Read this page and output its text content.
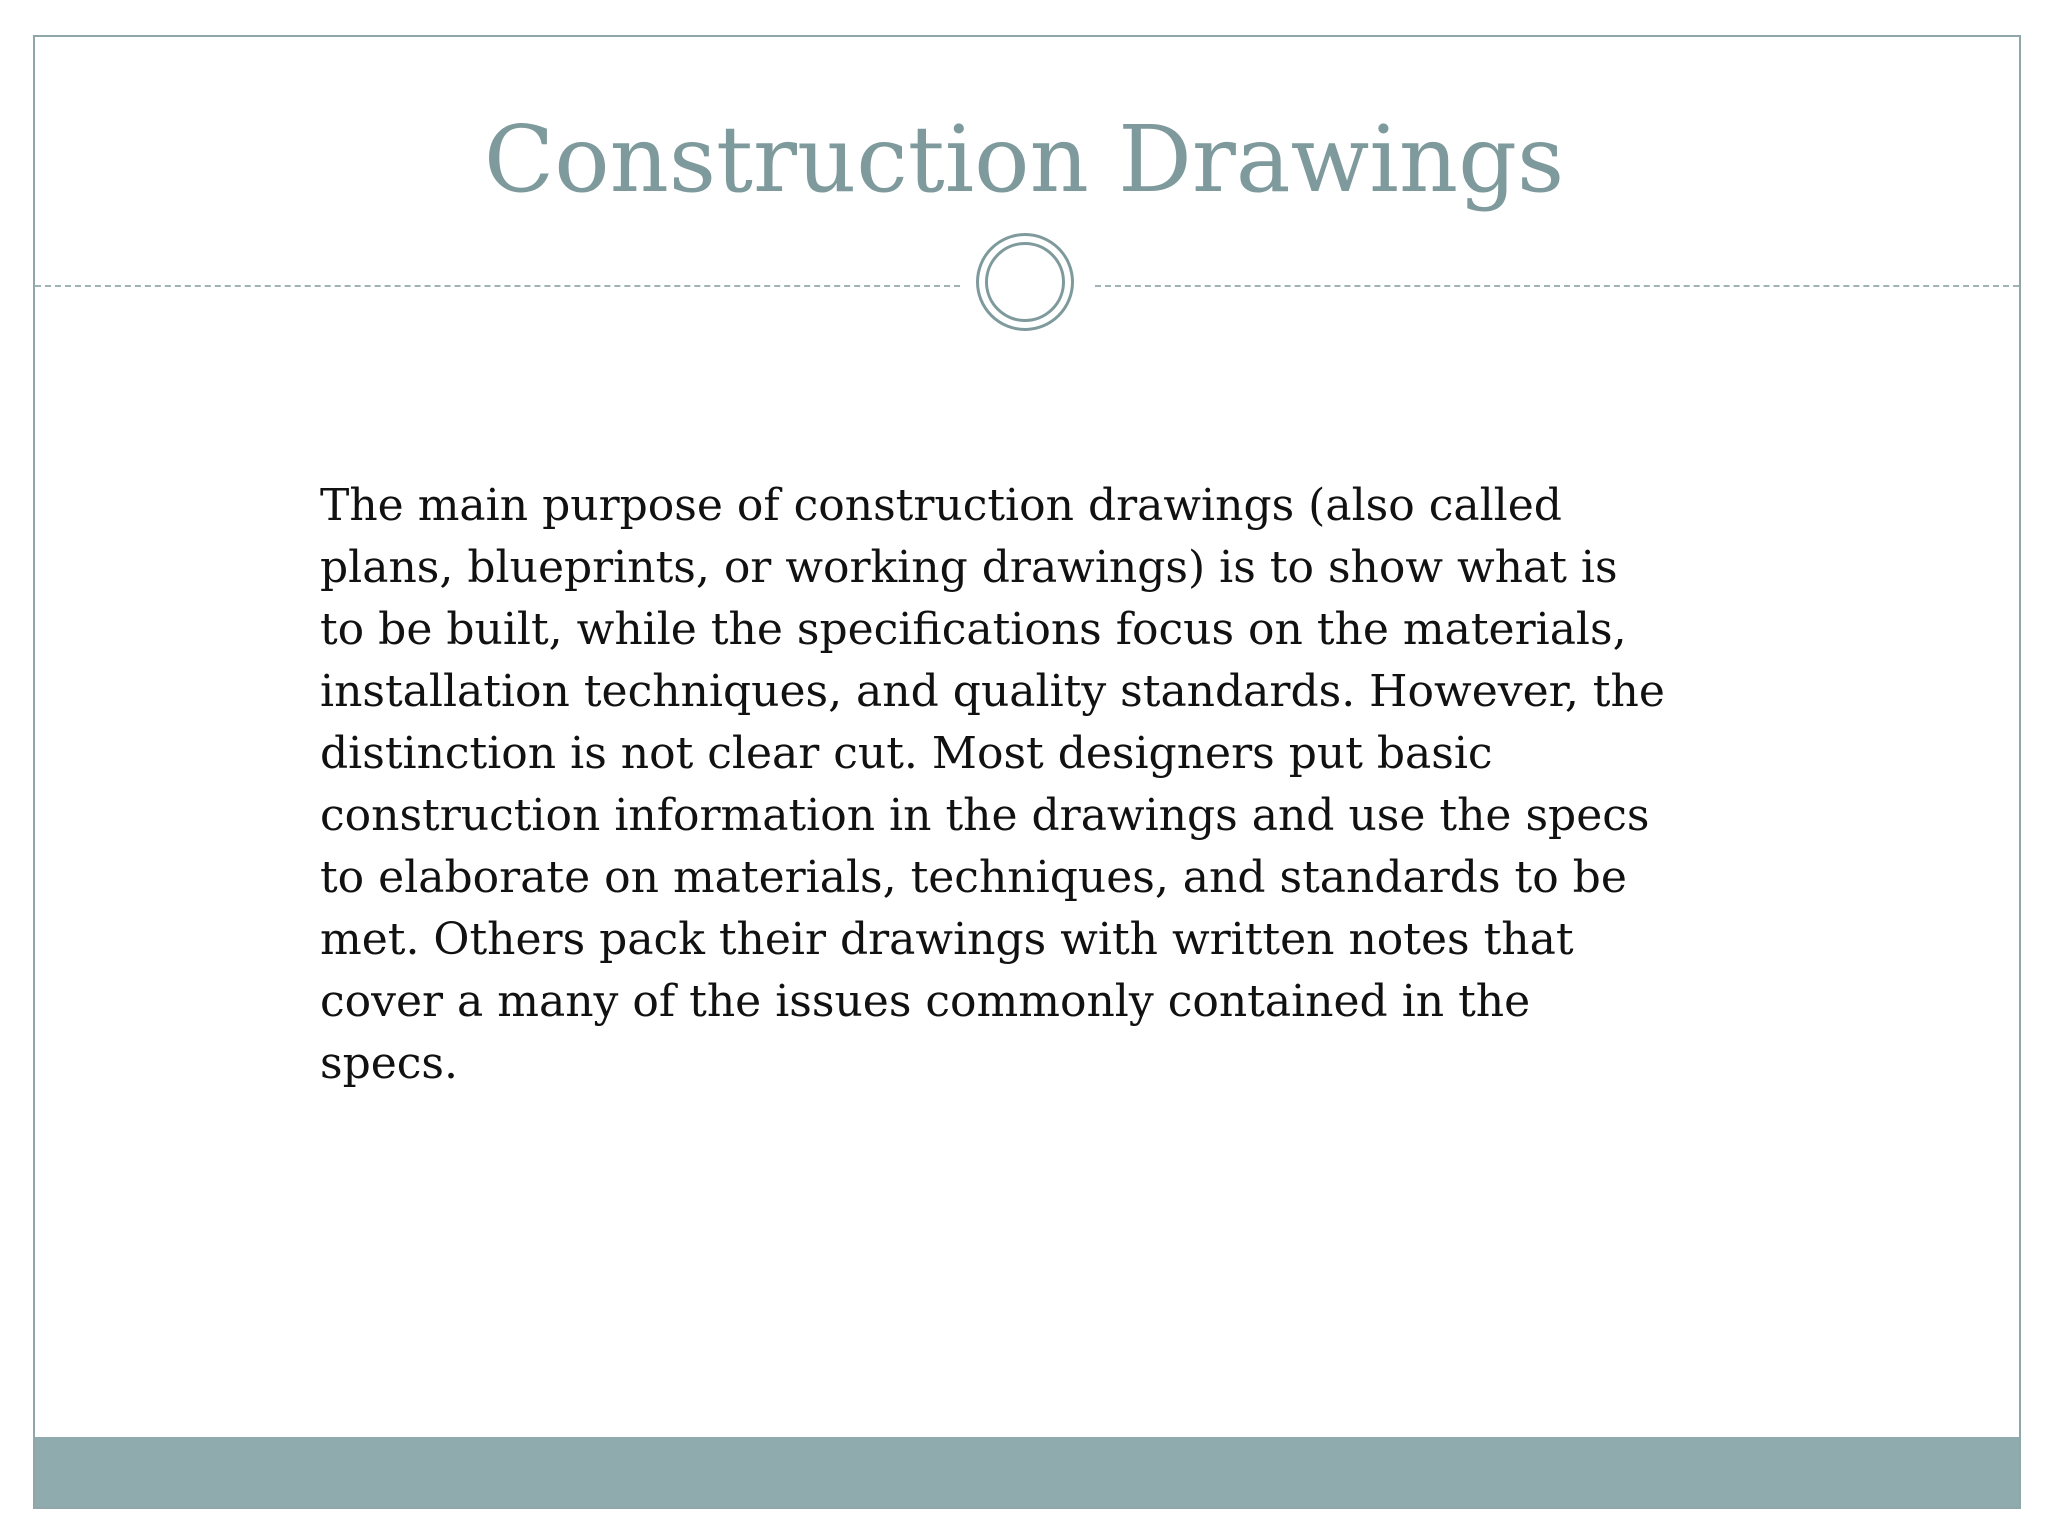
Construction Drawings

The main purpose of construction drawings (also called
plans, blueprints, or working drawings) is to show what is
to be built, while the specifications focus on the materials,
installation techniques, and quality standards. However, the
distinction is not clear cut. Most designers put basic
construction information in the drawings and use the specs
to elaborate on materials, techniques, and standards to be
met. Others pack their drawings with written notes that
cover a many of the issues commonly contained in the
specs.
